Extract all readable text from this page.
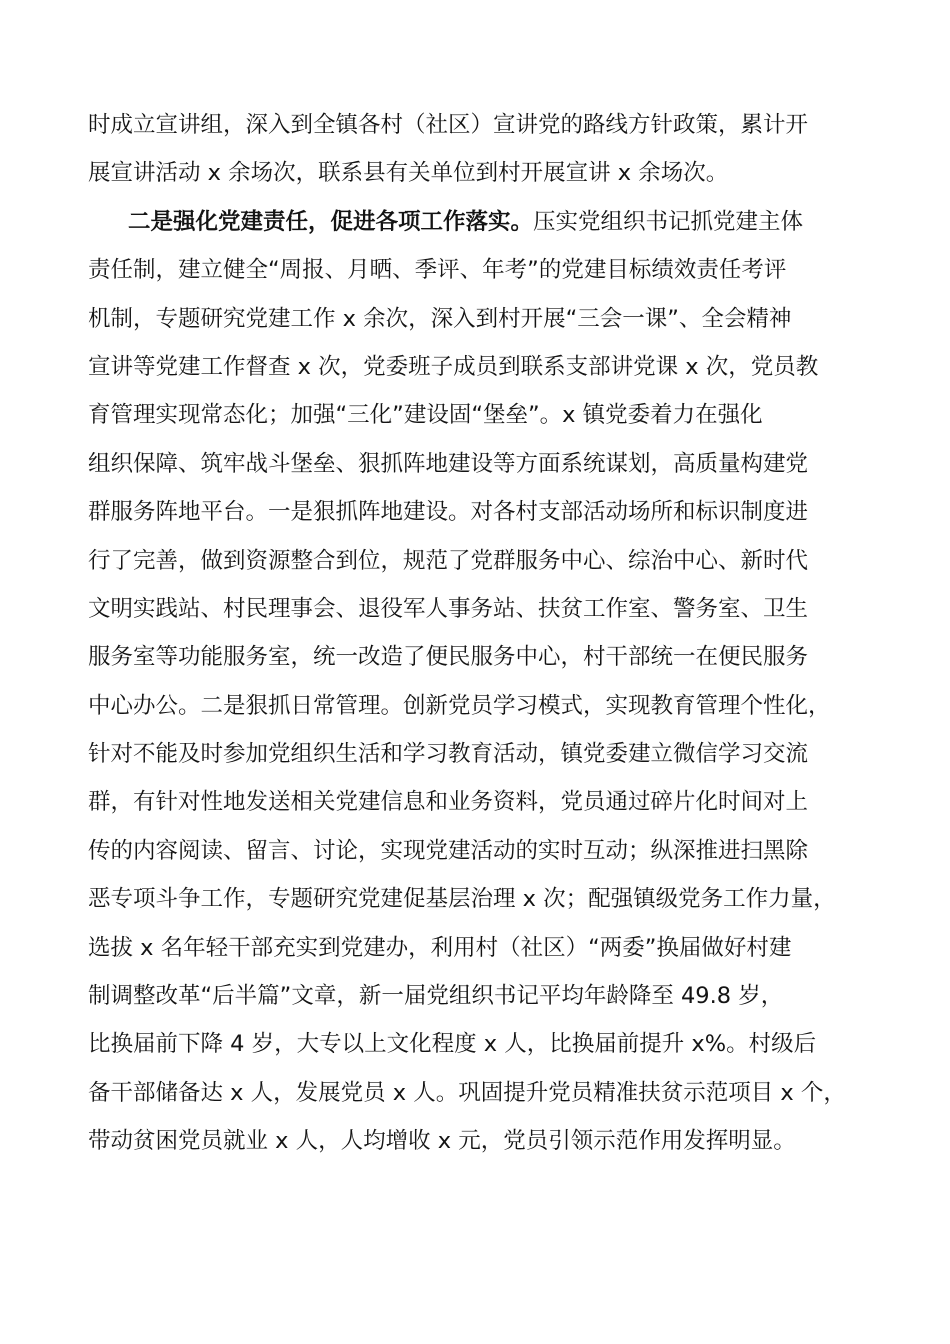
时成立宣讲组，深入到全镇各村（社区）宣讲党的路线方针政策，累计开
展宣讲活动 x 余场次，联系县有关单位到村开展宣讲 x 余场次。
二是强化党建责任，促进各项工作落实。压实党组织书记抓党建主体
责任制，建立健全“周报、月晒、季评、年考”的党建目标绩效责任考评
机制，专题研究党建工作 x 余次，深入到村开展“三会一课”、全会精神
宣讲等党建工作督查 x 次，党委班子成员到联系支部讲党课 x 次，党员教
育管理实现常态化；加强“三化”建设固“堡垒”。x 镇党委着力在强化
组织保障、筑牢战斗堡垒、狠抓阵地建设等方面系统谋划，高质量构建党
群服务阵地平台。一是狠抓阵地建设。对各村支部活动场所和标识制度进
行了完善，做到资源整合到位，规范了党群服务中心、综治中心、新时代
文明实践站、村民理事会、退役军人事务站、扶贫工作室、警务室、卫生
服务室等功能服务室，统一改造了便民服务中心，村干部统一在便民服务
中心办公。二是狠抓日常管理。创新党员学习模式，实现教育管理个性化，
针对不能及时参加党组织生活和学习教育活动，镇党委建立微信学习交流
群，有针对性地发送相关党建信息和业务资料，党员通过碎片化时间对上
传的内容阅读、留言、讨论，实现党建活动的实时互动；纵深推进扫黑除
恶专项斗争工作，专题研究党建促基层治理 x 次；配强镇级党务工作力量，
选拔 x 名年轻干部充实到党建办，利用村（社区）“两委”换届做好村建
制调整改革“后半篇”文章，新一届党组织书记平均年龄降至 49.8 岁，
比换届前下降 4 岁，大专以上文化程度 x 人，比换届前提升 x%。村级后
备干部储备达 x 人，发展党员 x 人。巩固提升党员精准扶贫示范项目 x 个，
带动贫困党员就业 x 人，人均增收 x 元，党员引领示范作用发挥明显。
